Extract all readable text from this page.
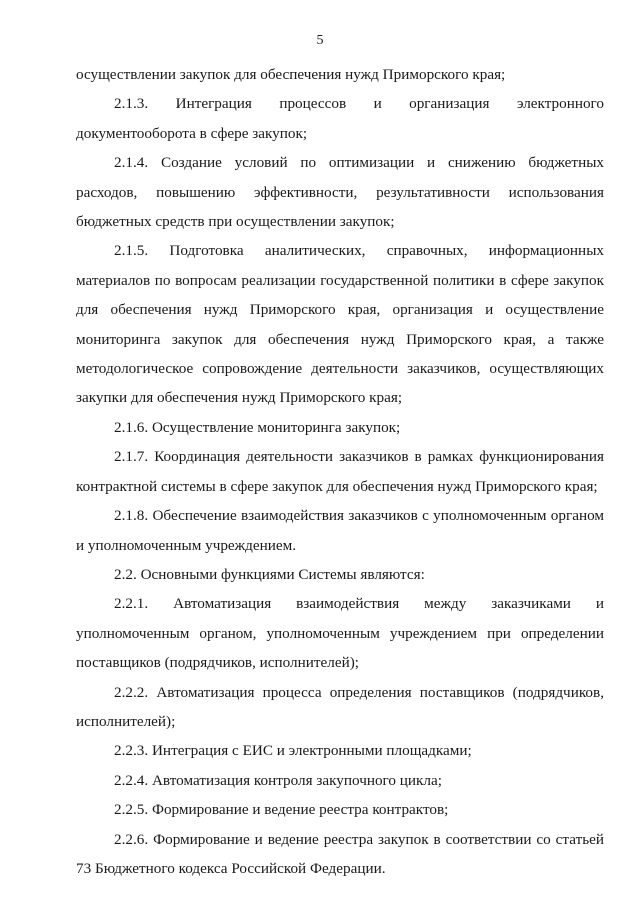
5

осуществлении закупок для обеспечения нужд Приморского края;

2.1.3. Интеграция процессов и организация электронного документооборота в сфере закупок;

2.1.4. Создание условий по оптимизации и снижению бюджетных расходов, повышению эффективности, результативности использования бюджетных средств при осуществлении закупок;

2.1.5. Подготовка аналитических, справочных, информационных материалов по вопросам реализации государственной политики в сфере закупок для обеспечения нужд Приморского края, организация и осуществление мониторинга закупок для обеспечения нужд Приморского края, а также методологическое сопровождение деятельности заказчиков, осуществляющих закупки для обеспечения нужд Приморского края;

2.1.6. Осуществление мониторинга закупок;

2.1.7. Координация деятельности заказчиков в рамках функционирования контрактной системы в сфере закупок для обеспечения нужд Приморского края;

2.1.8. Обеспечение взаимодействия заказчиков с уполномоченным органом и уполномоченным учреждением.

2.2. Основными функциями Системы являются:

2.2.1. Автоматизация взаимодействия между заказчиками и уполномоченным органом, уполномоченным учреждением при определении поставщиков (подрядчиков, исполнителей);

2.2.2. Автоматизация процесса определения поставщиков (подрядчиков, исполнителей);

2.2.3. Интеграция с ЕИС и электронными площадками;

2.2.4. Автоматизация контроля закупочного цикла;

2.2.5. Формирование и ведение реестра контрактов;

2.2.6. Формирование и ведение реестра закупок в соответствии со статьей 73 Бюджетного кодекса Российской Федерации.
